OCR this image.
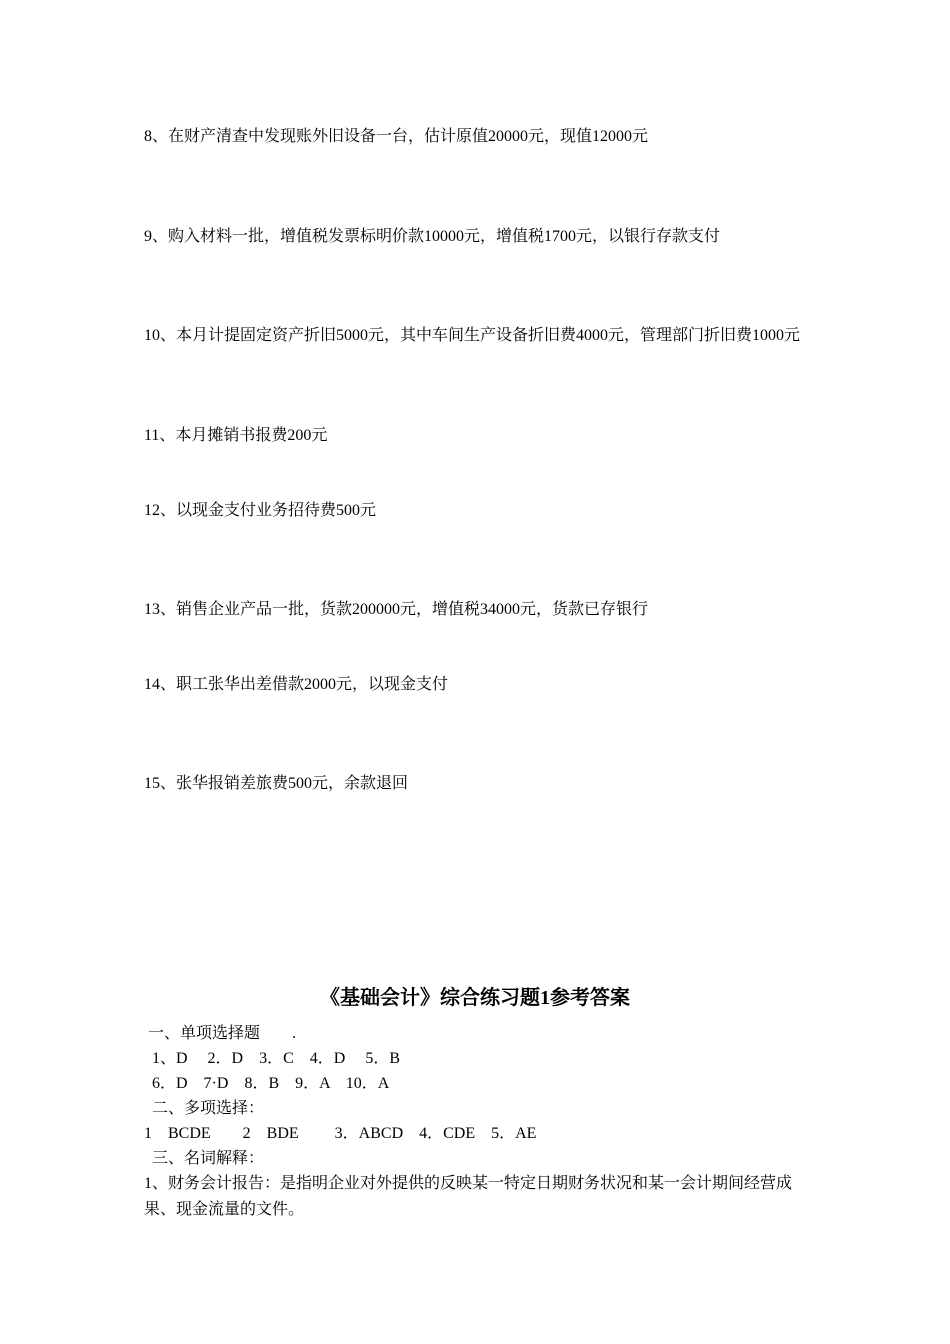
8、在财产清查中发现账外旧设备一台，估计原值20000元，现值12000元
9、购入材料一批，增值税发票标明价款10000元，增值税1700元，以银行存款支付
10、本月计提固定资产折旧5000元，其中车间生产设备折旧费4000元，管理部门折旧费1000元
11、本月摊销书报费200元
12、以现金支付业务招待费500元
13、销售企业产品一批，货款200000元，增值税34000元，货款已存银行
14、职工张华出差借款2000元，以现金支付
15、张华报销差旅费500元，余款退回
《基础会计》综合练习题1参考答案
一、单项选择题　　.
1、D　 2．D　3．C　4．D　 5．B
6．D　7·D　8．B　9．A　10．A
二、多项选择：
1　BCDE　　2　BDE　　 3．ABCD　4．CDE　5．AE
三、名词解释：
1、财务会计报告：是指明企业对外提供的反映某一特定日期财务状况和某一会计期间经营成果、现金流量的文件。
